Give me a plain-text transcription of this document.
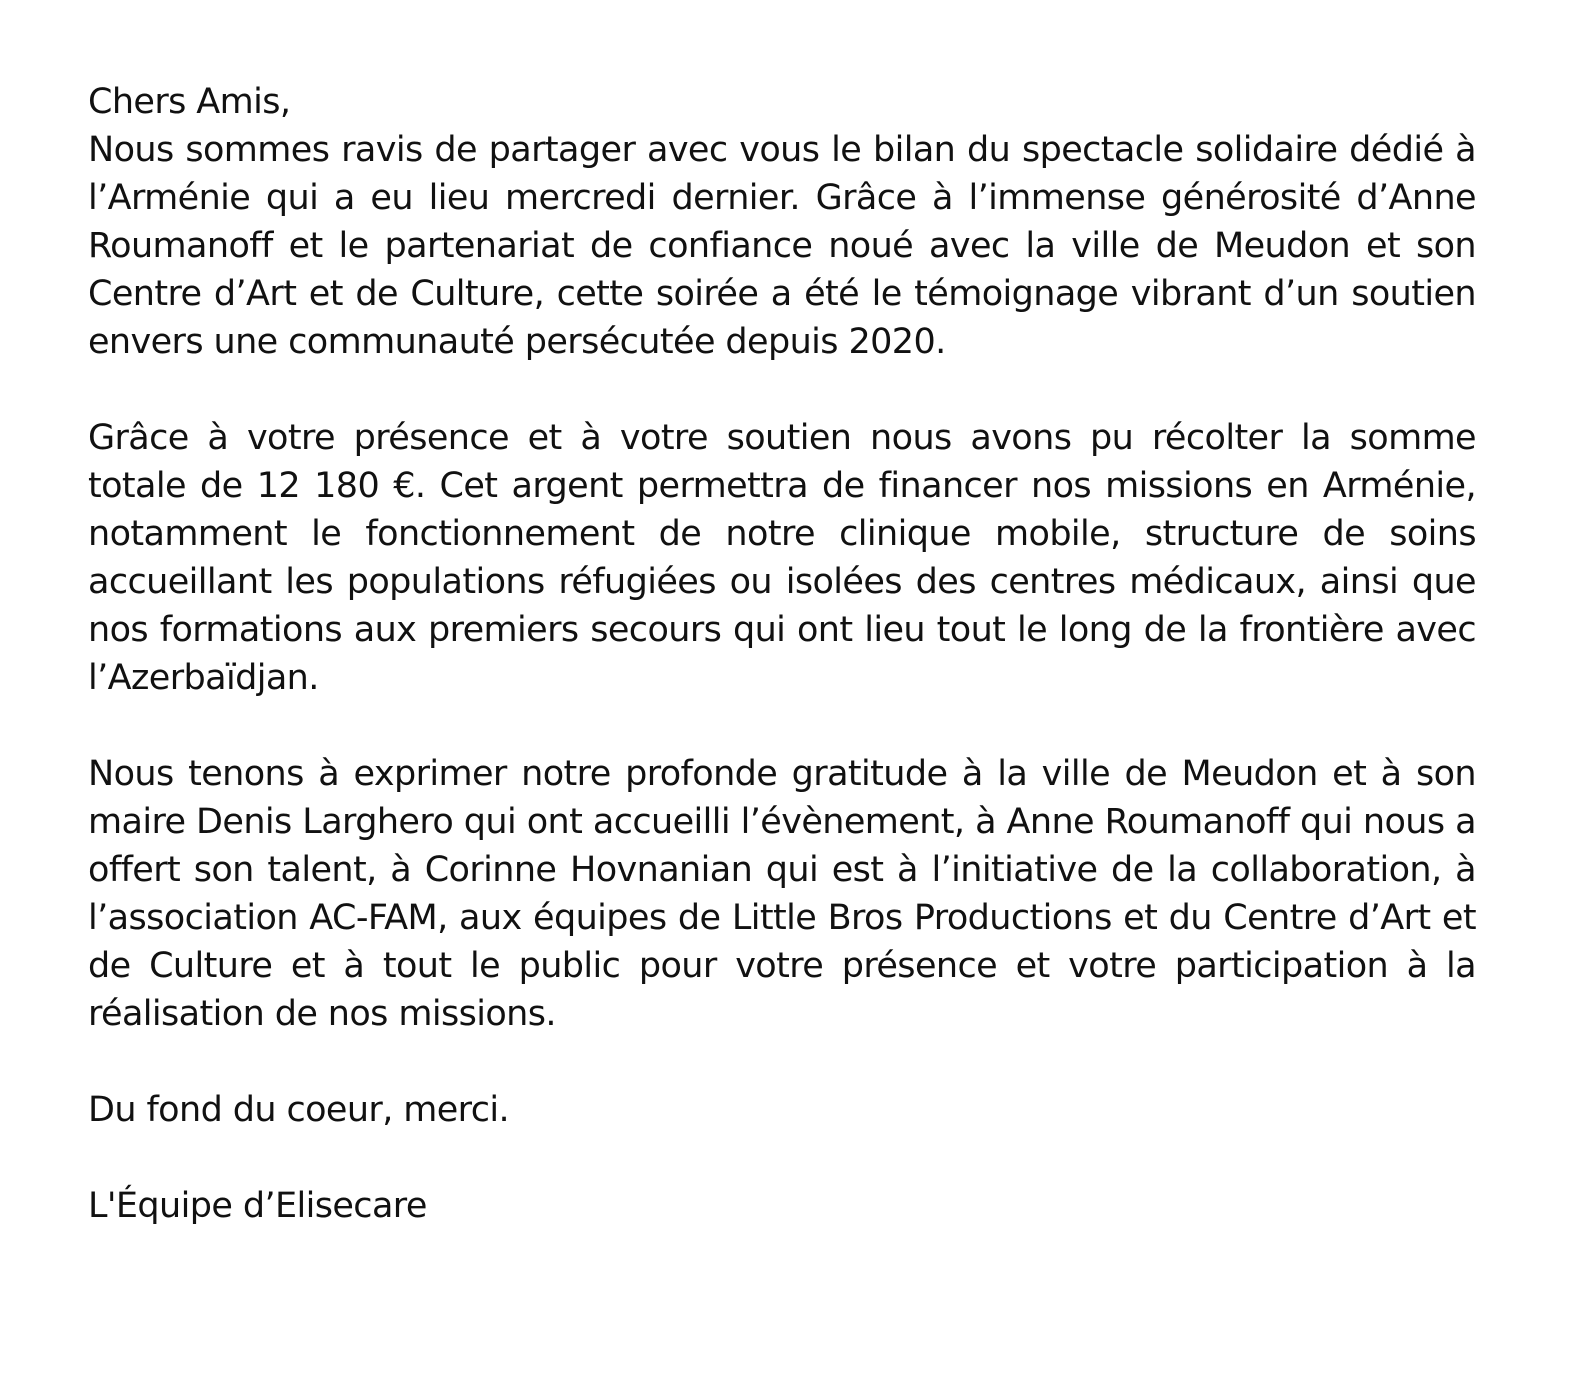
Chers Amis,

Nous sommes ravis de partager avec vous le bilan du spectacle solidaire dédié à l’Arménie qui a eu lieu mercredi dernier. Grâce à l’immense générosité d’Anne Roumanoff et le partenariat de confiance noué avec la ville de Meudon et son Centre d’Art et de Culture, cette soirée a été le témoignage vibrant d’un soutien envers une communauté persécutée depuis 2020.

Grâce à votre présence et à votre soutien nous avons pu récolter la somme totale de 12 180 €. Cet argent permettra de financer nos missions en Arménie, notamment le fonctionnement de notre clinique mobile, structure de soins accueillant les populations réfugiées ou isolées des centres médicaux, ainsi que nos formations aux premiers secours qui ont lieu tout le long de la frontière avec l’Azerbaïdjan.

Nous tenons à exprimer notre profonde gratitude à la ville de Meudon et à son maire Denis Larghero qui ont accueilli l’évènement, à Anne Roumanoff qui nous a offert son talent, à Corinne Hovnanian qui est à l’initiative de la collaboration, à l’association AC-FAM, aux équipes de Little Bros Productions et du Centre d’Art et de Culture et à tout le public pour votre présence et votre participation à la réalisation de nos missions.

Du fond du coeur, merci.

L'Équipe d’Elisecare
